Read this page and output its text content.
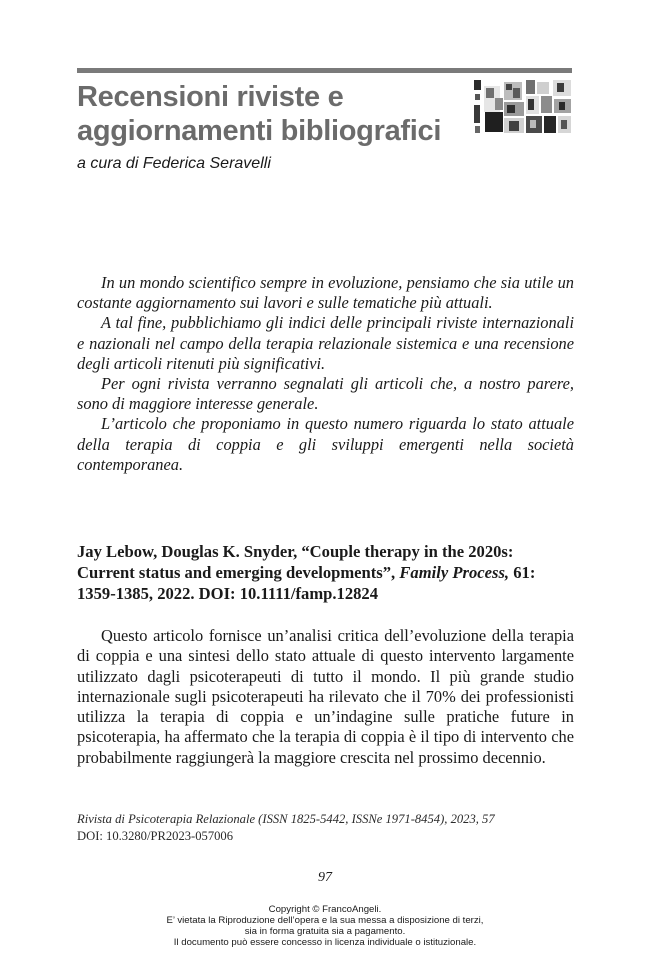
Recensioni riviste e
aggiornamenti bibliografici

a cura di Federica Seravelli

In un mondo scientifico sempre in evoluzione, pensiamo che sia utile un costante aggiornamento sui lavori e sulle tematiche più attuali.

A tal fine, pubblichiamo gli indici delle principali riviste internazionali e nazionali nel campo della terapia relazionale sistemica e una recensione degli articoli ritenuti più significativi.

Per ogni rivista verranno segnalati gli articoli che, a nostro parere, sono di maggiore interesse generale.

L’articolo che proponiamo in questo numero riguarda lo stato attuale della terapia di coppia e gli sviluppi emergenti nella società contemporanea.

Jay Lebow, Douglas K. Snyder, “Couple therapy in the 2020s: Current status and emerging developments”, Family Process, 61: 1359-1385, 2022. DOI: 10.1111/famp.12824

Questo articolo fornisce un’analisi critica dell’evoluzione della terapia di coppia e una sintesi dello stato attuale di questo intervento largamente utilizzato dagli psicoterapeuti di tutto il mondo. Il più grande studio internazionale sugli psicoterapeuti ha rilevato che il 70% dei professionisti utilizza la terapia di coppia e un’indagine sulle pratiche future in psicoterapia, ha affermato che la terapia di coppia è il tipo di intervento che probabilmente raggiungerà la maggiore crescita nel prossimo decennio.

Rivista di Psicoterapia Relazionale (ISSN 1825-5442, ISSNe 1971-8454), 2023, 57
DOI: 10.3280/PR2023-057006
97
Copyright © FrancoAngeli.
E’ vietata la Riproduzione dell’opera e la sua messa a disposizione di terzi,
sia in forma gratuita sia a pagamento.
Il documento può essere concesso in licenza individuale o istituzionale.
